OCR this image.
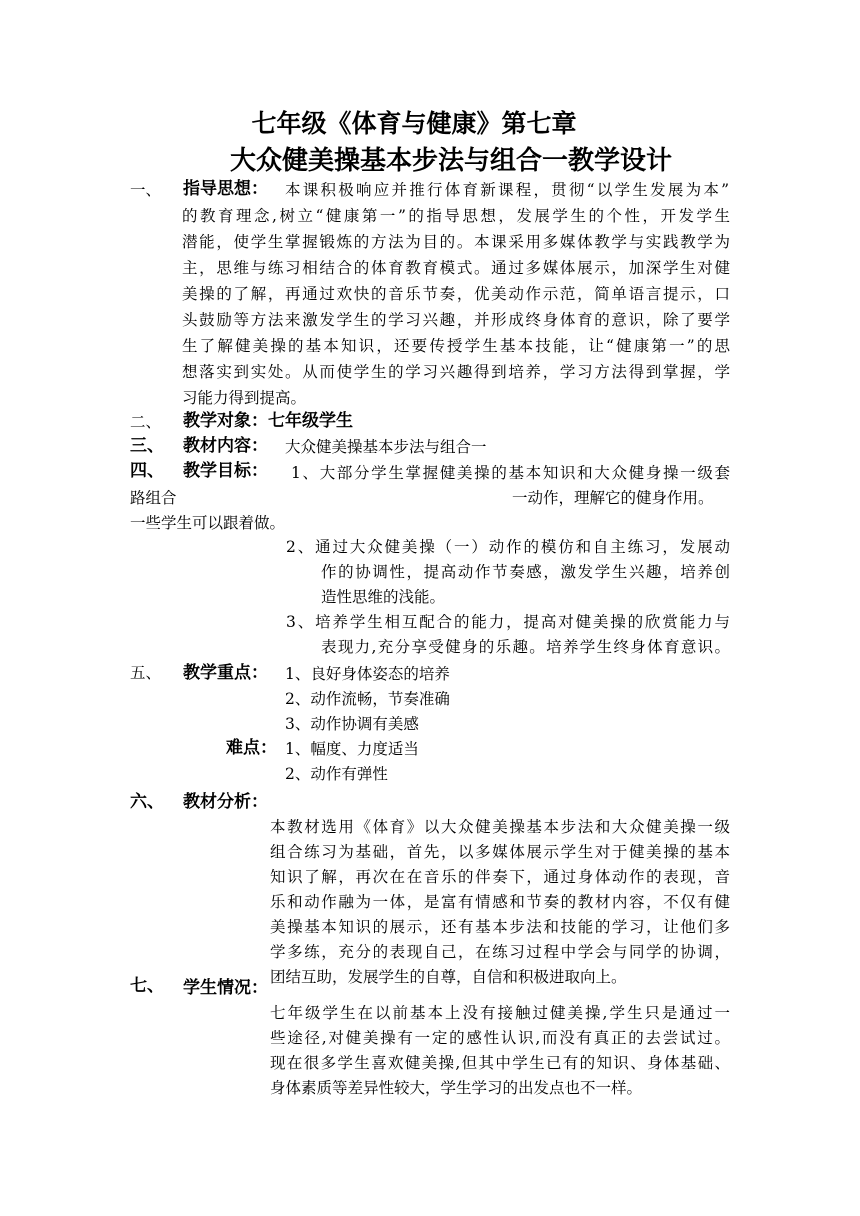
七年级《体育与健康》第七章
大众健美操基本步法与组合一教学设计
一、 指导思想： 本课积极响应并推行体育新课程，贯彻“以学生发展为本”
的教育理念,树立“健康第一”的指导思想，发展学生的个性，开发学生
潜能，使学生掌握锻炼的方法为目的。本课采用多媒体教学与实践教学为
主，思维与练习相结合的体育教育模式。通过多媒体展示，加深学生对健
美操的了解，再通过欢快的音乐节奏，优美动作示范，简单语言提示，口
头鼓励等方法来激发学生的学习兴趣，并形成终身体育的意识，除了要学
生了解健美操的基本知识，还要传授学生基本技能，让“健康第一”的思
想落实到实处。从而使学生的学习兴趣得到培养，学习方法得到掌握，学
习能力得到提高。
二、 教学对象：七年级学生
三、 教材内容： 大众健美操基本步法与组合一
四、 教学目标： 1、大部分学生掌握健美操的基本知识和大众健身操一级套
路组合	一动作，理解它的健身作用。
一些学生可以跟着做。
2、通过大众健美操（一）动作的模仿和自主练习，发展动
作的协调性，提高动作节奏感，激发学生兴趣，培养创
造性思维的浅能。
3、培养学生相互配合的能力，提高对健美操的欣赏能力与
表现力,充分享受健身的乐趣。培养学生终身体育意识。
五、 教学重点： 1、良好身体姿态的培养
2、动作流畅，节奏准确
3、动作协调有美感
难点： 1、幅度、力度适当
2、动作有弹性
六、 教材分析：
本教材选用《体育》以大众健美操基本步法和大众健美操一级
组合练习为基础，首先，以多媒体展示学生对于健美操的基本
知识了解，再次在在音乐的伴奏下，通过身体动作的表现，音
乐和动作融为一体，是富有情感和节奏的教材内容，不仅有健
美操基本知识的展示，还有基本步法和技能的学习，让他们多
学多练，充分的表现自己，在练习过程中学会与同学的协调，
团结互助，发展学生的自尊，自信和积极进取向上。
七、 学生情况：
七年级学生在以前基本上没有接触过健美操,学生只是通过一
些途径,对健美操有一定的感性认识,而没有真正的去尝试过。
现在很多学生喜欢健美操,但其中学生已有的知识、身体基础、
身体素质等差异性较大，学生学习的出发点也不一样。
